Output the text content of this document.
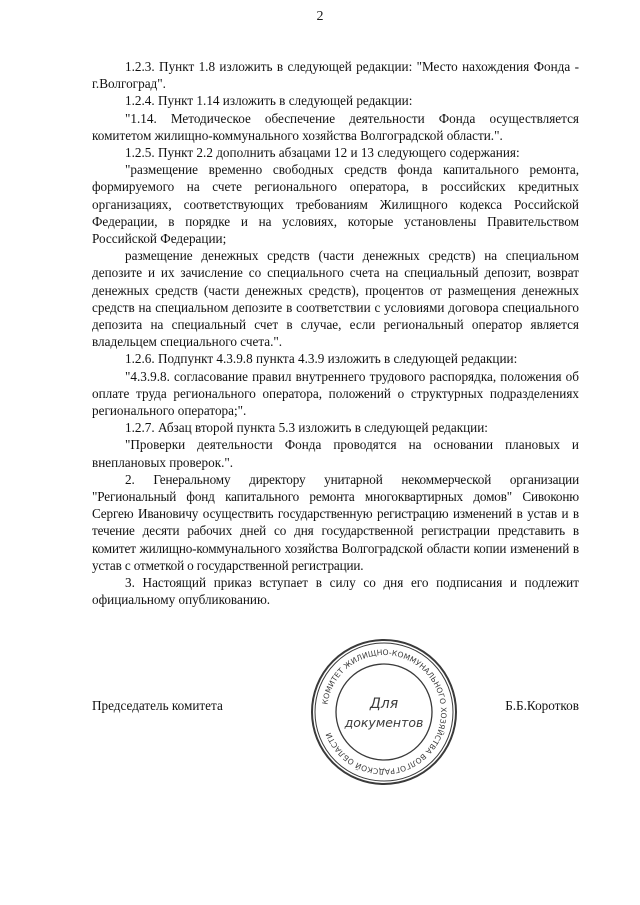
2

1.2.3. Пункт 1.8 изложить в следующей редакции: "Место нахождения Фонда - г.Волгоград".

1.2.4. Пункт 1.14 изложить в следующей редакции:

"1.14. Методическое обеспечение деятельности Фонда осуществляется комитетом жилищно-коммунального хозяйства Волгоградской области.".

1.2.5. Пункт 2.2 дополнить абзацами 12 и 13 следующего содержания:

"размещение временно свободных средств фонда капитального ремонта, формируемого на счете регионального оператора, в российских кредитных организациях, соответствующих требованиям Жилищного кодекса Российской Федерации, в порядке и на условиях, которые установлены Правительством Российской Федерации;

размещение денежных средств (части денежных средств) на специальном депозите и их зачисление со специального счета на специальный депозит, возврат денежных средств (части денежных средств), процентов от размещения денежных средств на специальном депозите в соответствии с условиями договора специального депозита на специальный счет в случае, если региональный оператор является владельцем специального счета.".

1.2.6. Подпункт 4.3.9.8 пункта 4.3.9 изложить в следующей редакции:

"4.3.9.8. согласование правил внутреннего трудового распорядка, положения об оплате труда регионального оператора, положений о структурных подразделениях регионального оператора;".

1.2.7. Абзац второй пункта 5.3 изложить в следующей редакции:

"Проверки деятельности Фонда проводятся на основании плановых и внеплановых проверок.".

2. Генеральному директору унитарной некоммерческой организации "Региональный фонд капитального ремонта многоквартирных домов" Сивоконю Сергею Ивановичу осуществить государственную регистрацию изменений в устав и в течение десяти рабочих дней со дня государственной регистрации представить в комитет жилищно-коммунального хозяйства Волгоградской области копии изменений в устав с отметкой о государственной регистрации.

3. Настоящий приказ вступает в силу со дня его подписания и подлежит официальному опубликованию.

Председатель комитета	Б.Б.Коротков
КОМИТЕТ ЖИЛИЩНО-КОММУНАЛЬНОГО ХОЗЯЙСТВА ВОЛГОГРАДСКОЙ ОБЛАСТИ
Для
документов
